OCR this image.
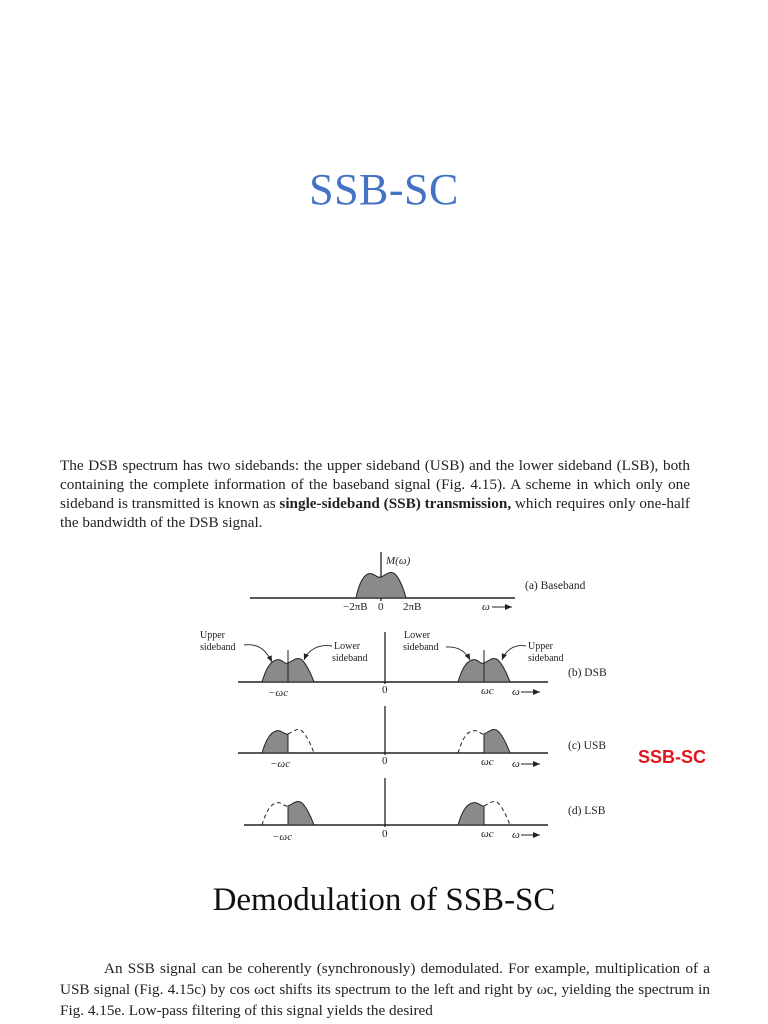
SSB-SC
The DSB spectrum has two sidebands: the upper sideband (USB) and the lower sideband (LSB), both containing the complete information of the baseband signal (Fig. 4.15). A scheme in which only one sideband is transmitted is known as single-sideband (SSB) transmission, which requires only one-half the bandwidth of the DSB signal.
M(ω)
−2πB 0 2πB	ω
(a) Baseband
Upper
sideband	Lower
sideband
Lower
sideband	Upper
sideband
−ωc	0	ωc ω
(b) DSB
−ωc	0	ωc ω
(c) USB
−ωc	0	ωc ω
(d) LSB
SSB-SC
Demodulation of SSB-SC
An SSB signal can be coherently (synchronously) demodulated. For example, multiplication of a USB signal (Fig. 4.15c) by cos ωct shifts its spectrum to the left and right by ωc, yielding the spectrum in Fig. 4.15e. Low-pass filtering of this signal yields the desired
